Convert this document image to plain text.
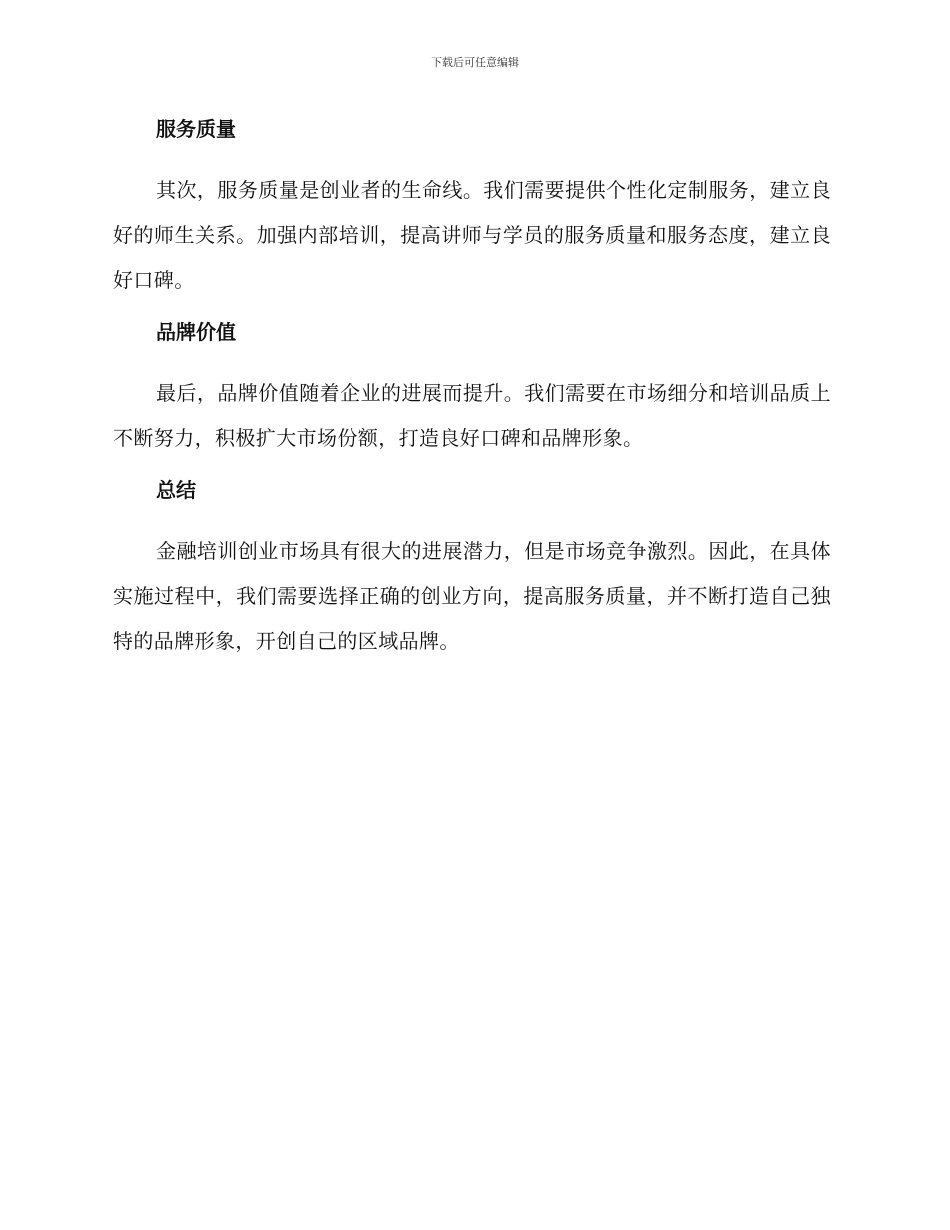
下载后可任意编辑
服务质量

其次，服务质量是创业者的生命线。我们需要提供个性化定制服务，建立良好的师生关系。加强内部培训，提高讲师与学员的服务质量和服务态度，建立良好口碑。

品牌价值

最后，品牌价值随着企业的进展而提升。我们需要在市场细分和培训品质上不断努力，积极扩大市场份额，打造良好口碑和品牌形象。

总结

金融培训创业市场具有很大的进展潜力，但是市场竞争激烈。因此，在具体实施过程中，我们需要选择正确的创业方向，提高服务质量，并不断打造自己独特的品牌形象，开创自己的区域品牌。
